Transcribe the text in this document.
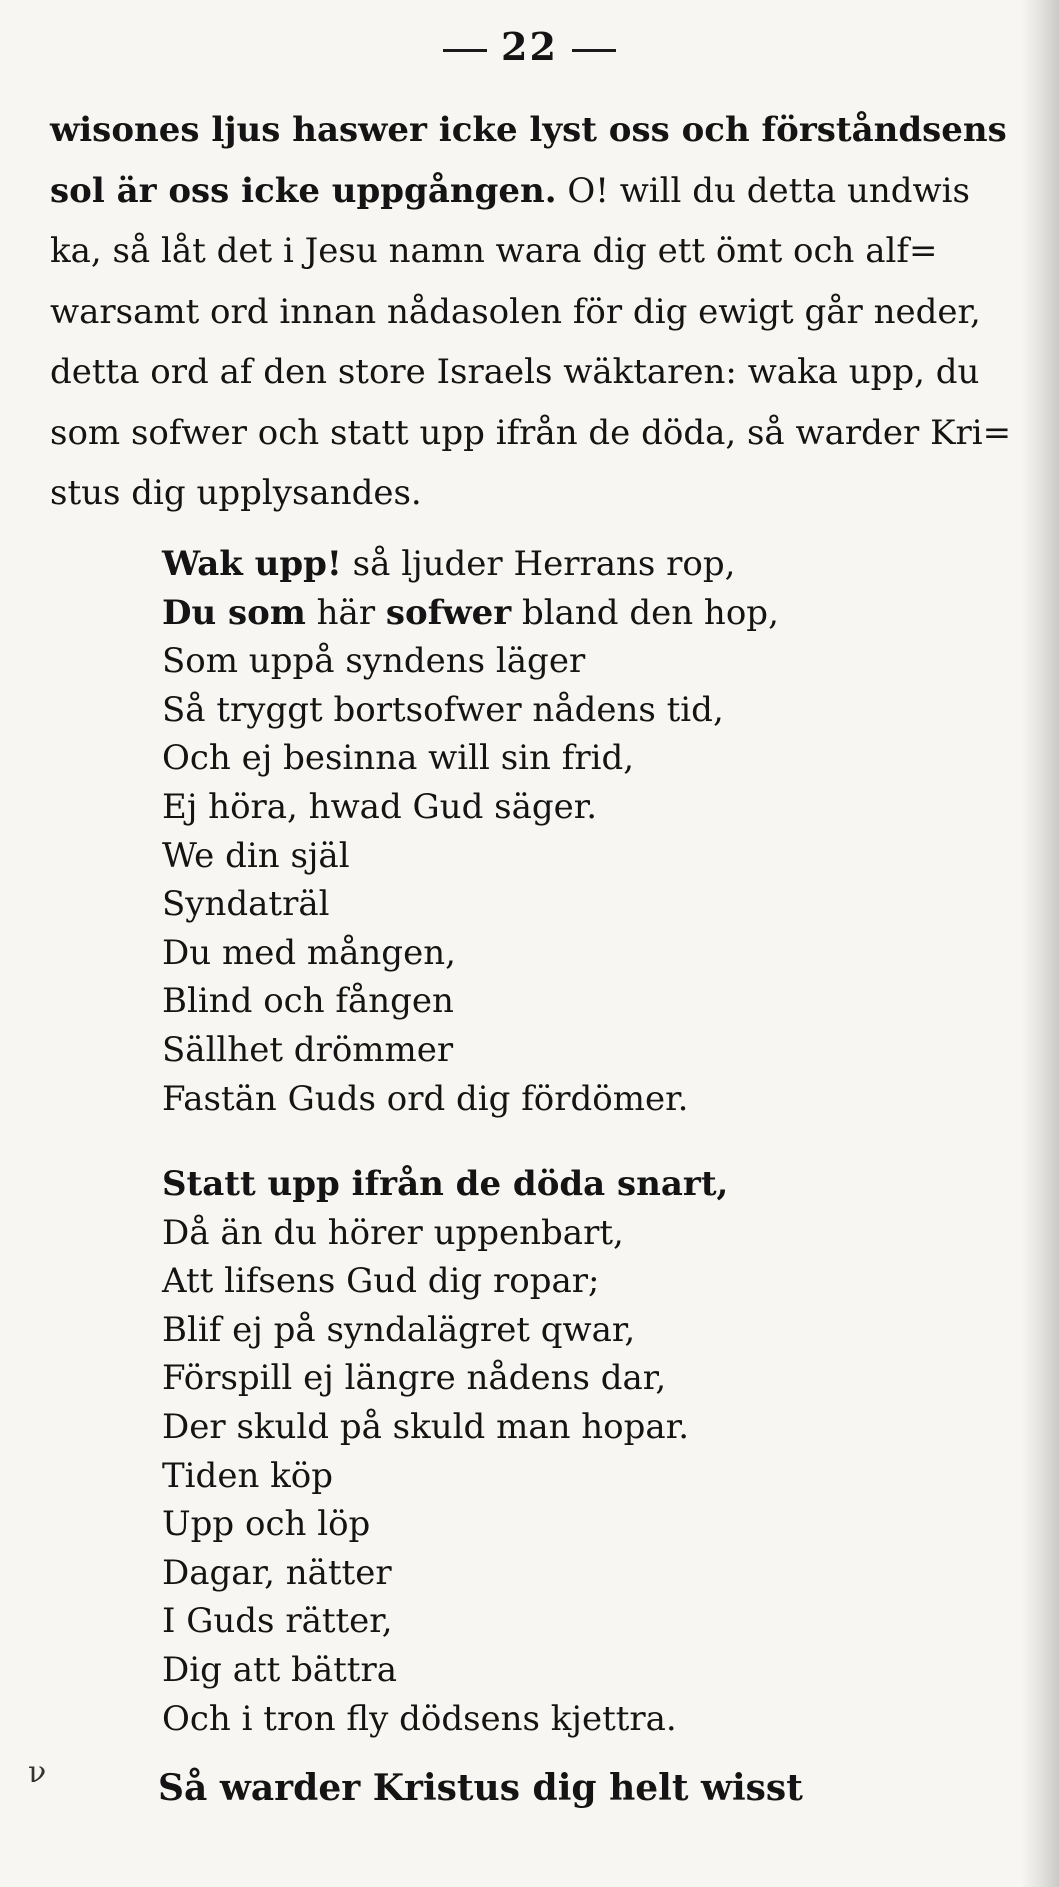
22
wisones ljus haswer icke lyst oss och förståndsens
sol är oss icke uppgången. O! will du detta undwis
ka, så låt det i Jesu namn wara dig ett ömt och alf=
warsamt ord innan nådasolen för dig ewigt går neder,
detta ord af den store Israels wäktaren: waka upp, du
som sofwer och statt upp ifrån de döda, så warder Kri=
stus dig upplysandes.
Wak upp! så ljuder Herrans rop,
Du som här sofwer bland den hop,
Som uppå syndens läger
Så tryggt bortsofwer nådens tid,
Och ej besinna will sin frid,
Ej höra, hwad Gud säger.
We din själ
Syndaträl
Du med mången,
Blind och fången
Sällhet drömmer
Fastän Guds ord dig fördömer.
Statt upp ifrån de döda snart,
Då än du hörer uppenbart,
Att lifsens Gud dig ropar;
Blif ej på syndalägret qwar,
Förspill ej längre nådens dar,
Der skuld på skuld man hopar.
Tiden köp
Upp och löp
Dagar, nätter
I Guds rätter,
Dig att bättra
Och i tron fly dödsens kjettra.
ν	Så warder Kristus dig helt wisst
